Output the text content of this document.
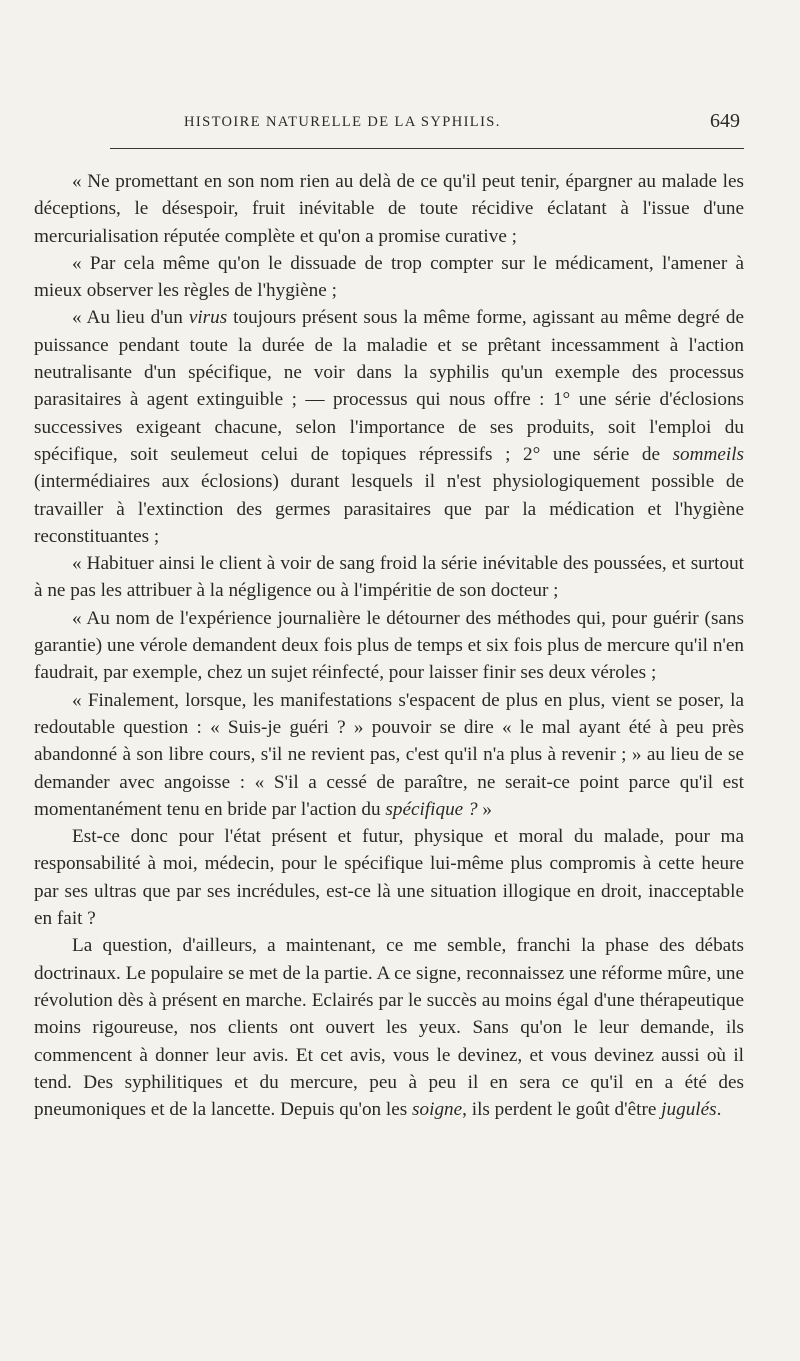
HISTOIRE NATURELLE DE LA SYPHILIS.	649

« Ne promettant en son nom rien au delà de ce qu'il peut tenir, épargner au malade les déceptions, le désespoir, fruit inévitable de toute récidive éclatant à l'issue d'une mercurialisation réputée complète et qu'on a promise curative ;

« Par cela même qu'on le dissuade de trop compter sur le médicament, l'amener à mieux observer les règles de l'hygiène ;

« Au lieu d'un virus toujours présent sous la même forme, agissant au même degré de puissance pendant toute la durée de la maladie et se prêtant incessamment à l'action neutralisante d'un spécifique, ne voir dans la syphilis qu'un exemple des processus parasitaires à agent extinguible ; — processus qui nous offre : 1° une série d'éclosions successives exigeant chacune, selon l'importance de ses produits, soit l'emploi du spécifique, soit seulemeut celui de topiques répressifs ; 2° une série de sommeils (intermédiaires aux éclosions) durant lesquels il n'est physiologiquement possible de travailler à l'extinction des germes parasitaires que par la médication et l'hygiène reconstituantes ;

« Habituer ainsi le client à voir de sang froid la série inévitable des poussées, et surtout à ne pas les attribuer à la négligence ou à l'impéritie de son docteur ;

« Au nom de l'expérience journalière le détourner des méthodes qui, pour guérir (sans garantie) une vérole demandent deux fois plus de temps et six fois plus de mercure qu'il n'en faudrait, par exemple, chez un sujet réinfecté, pour laisser finir ses deux véroles ;

« Finalement, lorsque, les manifestations s'espacent de plus en plus, vient se poser, la redoutable question : « Suis-je guéri ? » pouvoir se dire « le mal ayant été à peu près abandonné à son libre cours, s'il ne revient pas, c'est qu'il n'a plus à revenir ; » au lieu de se demander avec angoisse : « S'il a cessé de paraître, ne serait-ce point parce qu'il est momentanément tenu en bride par l'action du spécifique ? »

Est-ce donc pour l'état présent et futur, physique et moral du malade, pour ma responsabilité à moi, médecin, pour le spécifique lui-même plus compromis à cette heure par ses ultras que par ses incrédules, est-ce là une situation illogique en droit, inacceptable en fait ?

La question, d'ailleurs, a maintenant, ce me semble, franchi la phase des débats doctrinaux. Le populaire se met de la partie. A ce signe, reconnaissez une réforme mûre, une révolution dès à présent en marche. Eclairés par le succès au moins égal d'une thérapeutique moins rigoureuse, nos clients ont ouvert les yeux. Sans qu'on le leur demande, ils commencent à donner leur avis. Et cet avis, vous le devinez, et vous devinez aussi où il tend. Des syphilitiques et du mercure, peu à peu il en sera ce qu'il en a été des pneumoniques et de la lancette. Depuis qu'on les soigne, ils perdent le goût d'être jugulés.
